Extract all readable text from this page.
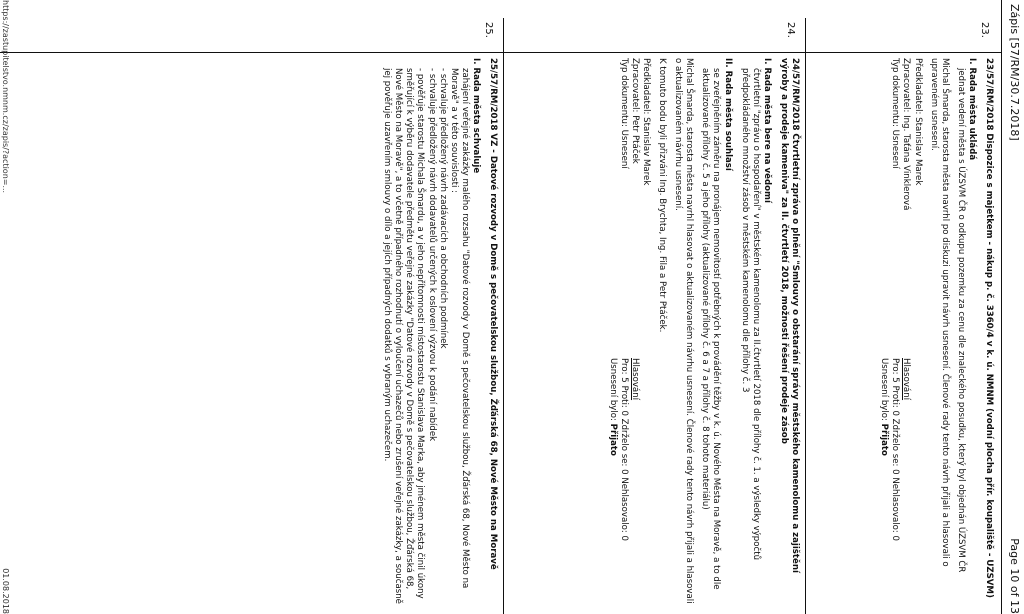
Zápis [57/RM/30.7.2018]
Page 10 of 13
23.

23/57/RM/2018 Dispozice s majetkem - nákup p. č. 3360/4 v k. ú. NMNM (vodní plocha přír. koupaliště - UZSVM)

I. Rada města ukládá

jednat vedení města s ÚZSVM ČR o odkupu pozemku za cenu dle znaleckého posudku, který byl objednán ÚZSVM ČR

Michal Šmarda, starosta města navrhl po diskuzi upravit návrh usnesení. Členové rady tento návrh přijali a hlasovali o upraveném usnesení.

Předkladatel: Stanislav Marek

Zpracovatel: Ing. Taťána Vinklerová
Hlasování
Typ dokumentu: Usnesení
Pro: 5 Proti: 0 Zdrželo se: 0 Nehlasovalo: 0
Usnesení bylo: Přijato
24.

24/57/RM/2018 Čtvrtletní zpráva o plnění "Smlouvy o obstarání správy městského kamenolomu a zajištění výroby a prodeje kameniva" za II. čtvrtletí 2018, možnosti řešení prodeje zásob

I. Rada města bere na vědomí

čtvrtletní "zprávu o hospodaření" v městském kamenolomu za II.čtvrtletí 2018 dle přílohy č. 1. a výsledky výpočtů předpokládaného množství zásob v městském kamenolomu dle přílohy č. 3

II. Rada města souhlasí

se zveřejněním záměru na pronájem nemovitostí potřebných k provádění těžby v k. ú. Nového Města na Moravě, a to dle aktualizované přílohy č. 5 a jeho přílohy (aktualizované přílohy č. 6 a 7 a přílohy č. 8 tohoto materiálu)

Michal Šmarda, starosta města navrhl hlasovat o aktualizovaném návrhu usnesení. Členové rady tento návrh přijali a hlasovali o aktualizovaném návrhu usnesení.

K tomuto bodu byli přizváni Ing. Brychta, Ing. Fila a Petr Ptáček.

Předkladatel: Stanislav Marek

Zpracovatel: Petr Ptáček
Hlasování
Typ dokumentu: Usnesení
Pro: 5 Proti: 0 Zdrželo se: 0 Nehlasovalo: 0
Usnesení bylo: Přijato
25.

25/57/RM/2018 VZ - Datové rozvody v Domě s pečovatelskou službou, Žďárská 68, Nové Město na Moravě

I. Rada města schvaluje

zahájení veřejné zakázky malého rozsahu "Datové rozvody v Domě s pečovatelskou službou, Žďárská 68, Nové Město na Moravě" a v této souvislosti :

- schvaluje předložený návrh zadávacích a obchodních podmínek

- schvaluje předložený návrh dodavatelů určených k oslovení výzvou k podání nabídek

- pověřuje starostu Michala Šmardu, a v jeho nepřítomnosti místostarostu Stanislava Marka, aby jménem města činil úkony směřující k výběru dodavatele předmětu veřejné zakázky "Datové rozvody v Domě s pečovatelskou službou, Žďárská 68, Nové Město na Moravě", a to včetně případného rozhodnutí o vyloučení uchazečů nebo zrušení veřejné zakázky, a současně jej pověřuje uzavřením smlouvy o dílo a jejích případných dodatků s vybraným uchazečem.

https://zastupitelstvo.nmnm.cz/zapis/?action=...
01.08.2018
